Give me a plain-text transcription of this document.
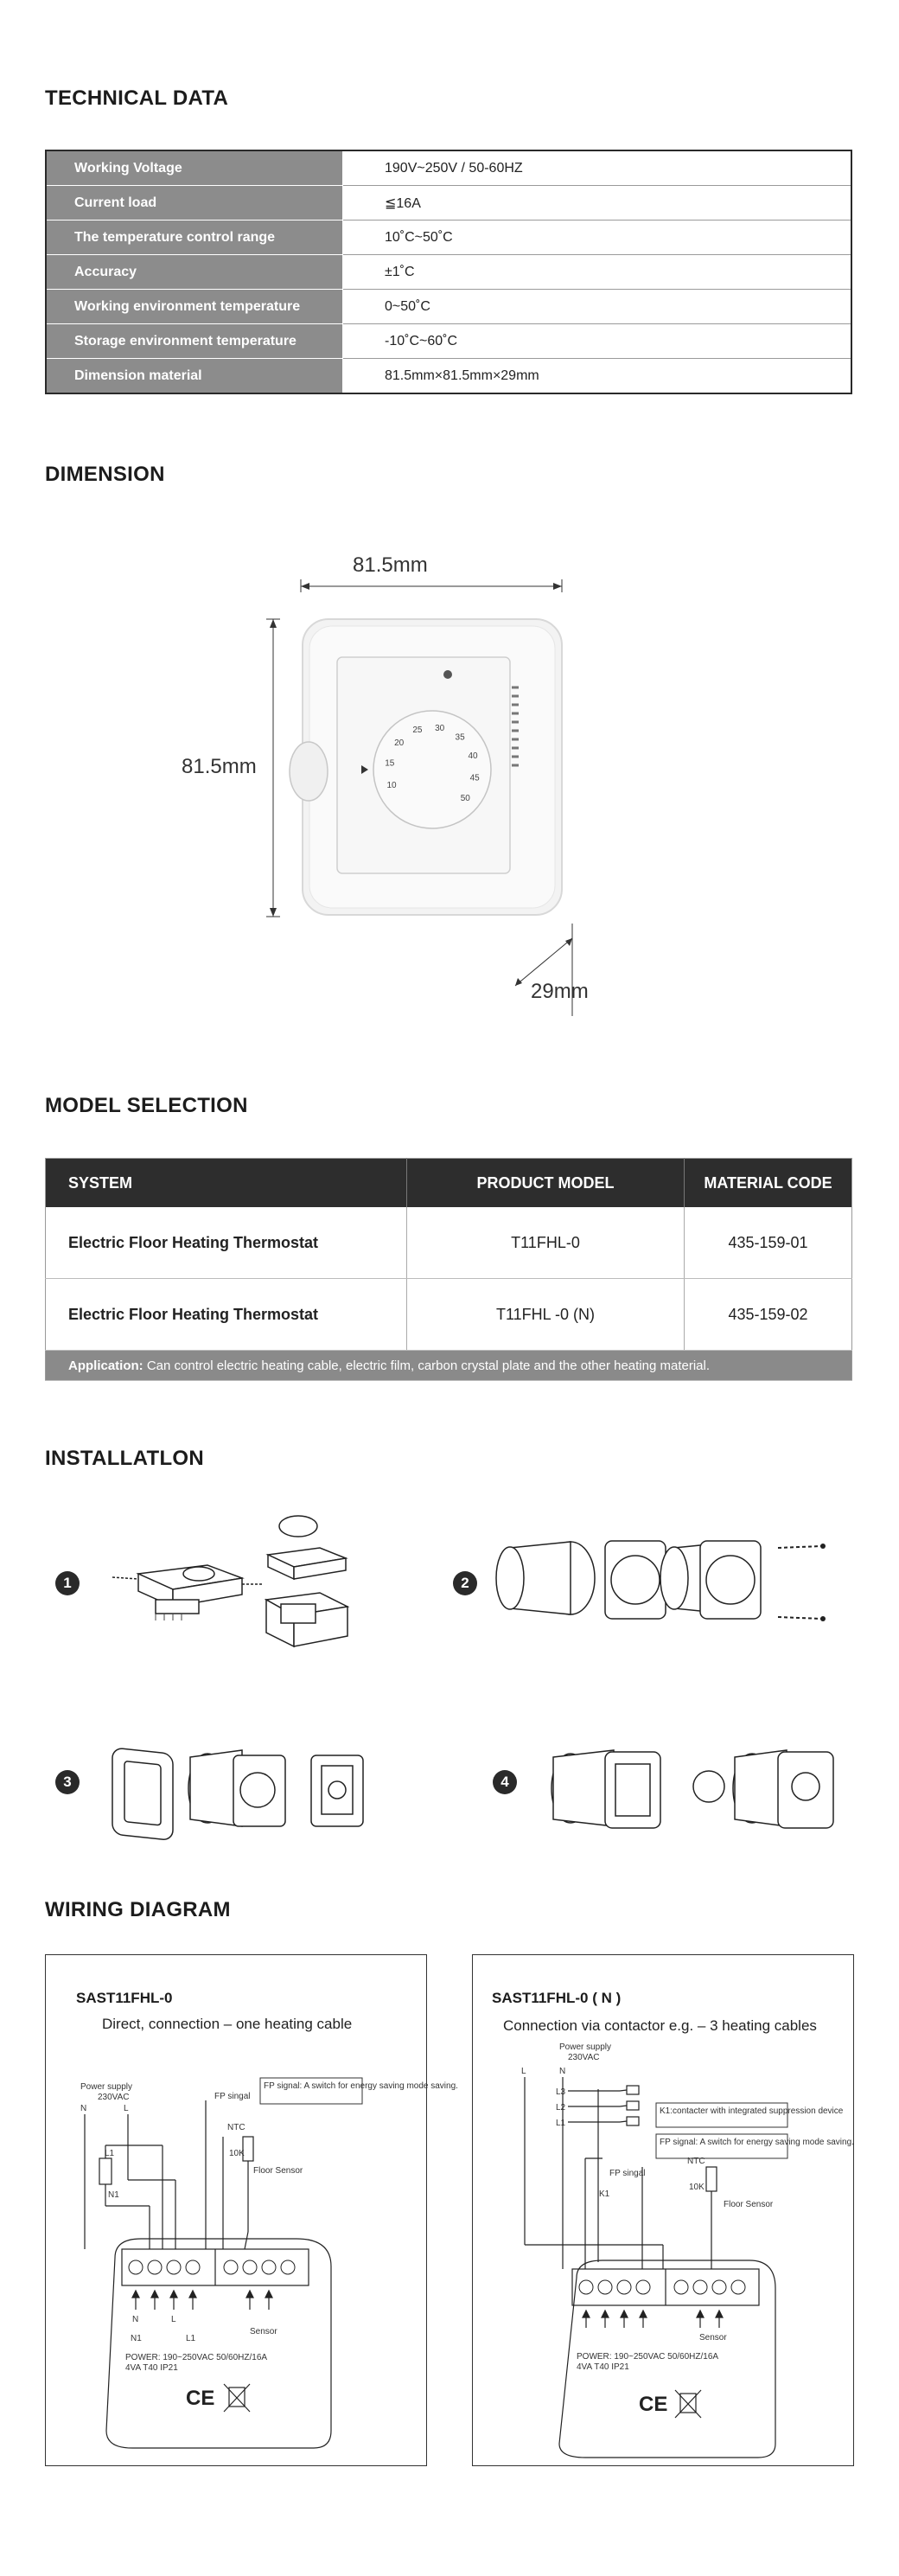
TECHNICAL DATA
Working Voltage	190V~250V / 50-60HZ
Current load	≦16A
The temperature control range	10˚C~50˚C
Accuracy	±1˚C
Working environment temperature	0~50˚C
Storage environment temperature	-10˚C~60˚C
Dimension material	81.5mm×81.5mm×29mm
DIMENSION
10
15
20
25 30
35
40
45
50
81.5mm
81.5mm
29mm
MODEL SELECTION
SYSTEM	PRODUCT MODEL	MATERIAL CODE
Electric Floor Heating Thermostat	T11FHL-0	435-159-01
Electric Floor Heating Thermostat	T11FHL -0 (N)	435-159-02
Application: Can control electric heating cable, electric film, carbon crystal plate and the other heating material.		
INSTALLATLON
1	2
3	4
WIRING DIAGRAM
SAST11FHL-0
Direct, connection – one heating cable
Power supply
230VAC
N	L
FP signal: A switch for energy saving mode saving.
FP singal
NTC
10K
Floor Sensor
L1
N1
N	L
N1	L1
Sensor
POWER: 190~250VAC 50/60HZ/16A
4VA T40 IP21
CE
SAST11FHL-0 ( N )
Connection via contactor e.g. – 3 heating cables
Power supply
230VAC
L	N
L3
L2
L1
K1:contacter with integrated suppression device
FP signal: A switch for energy saving mode saving.
FP singal
NTC
10K
Floor Sensor
K1
Sensor
POWER: 190~250VAC 50/60HZ/16A
4VA T40 IP21
CE
